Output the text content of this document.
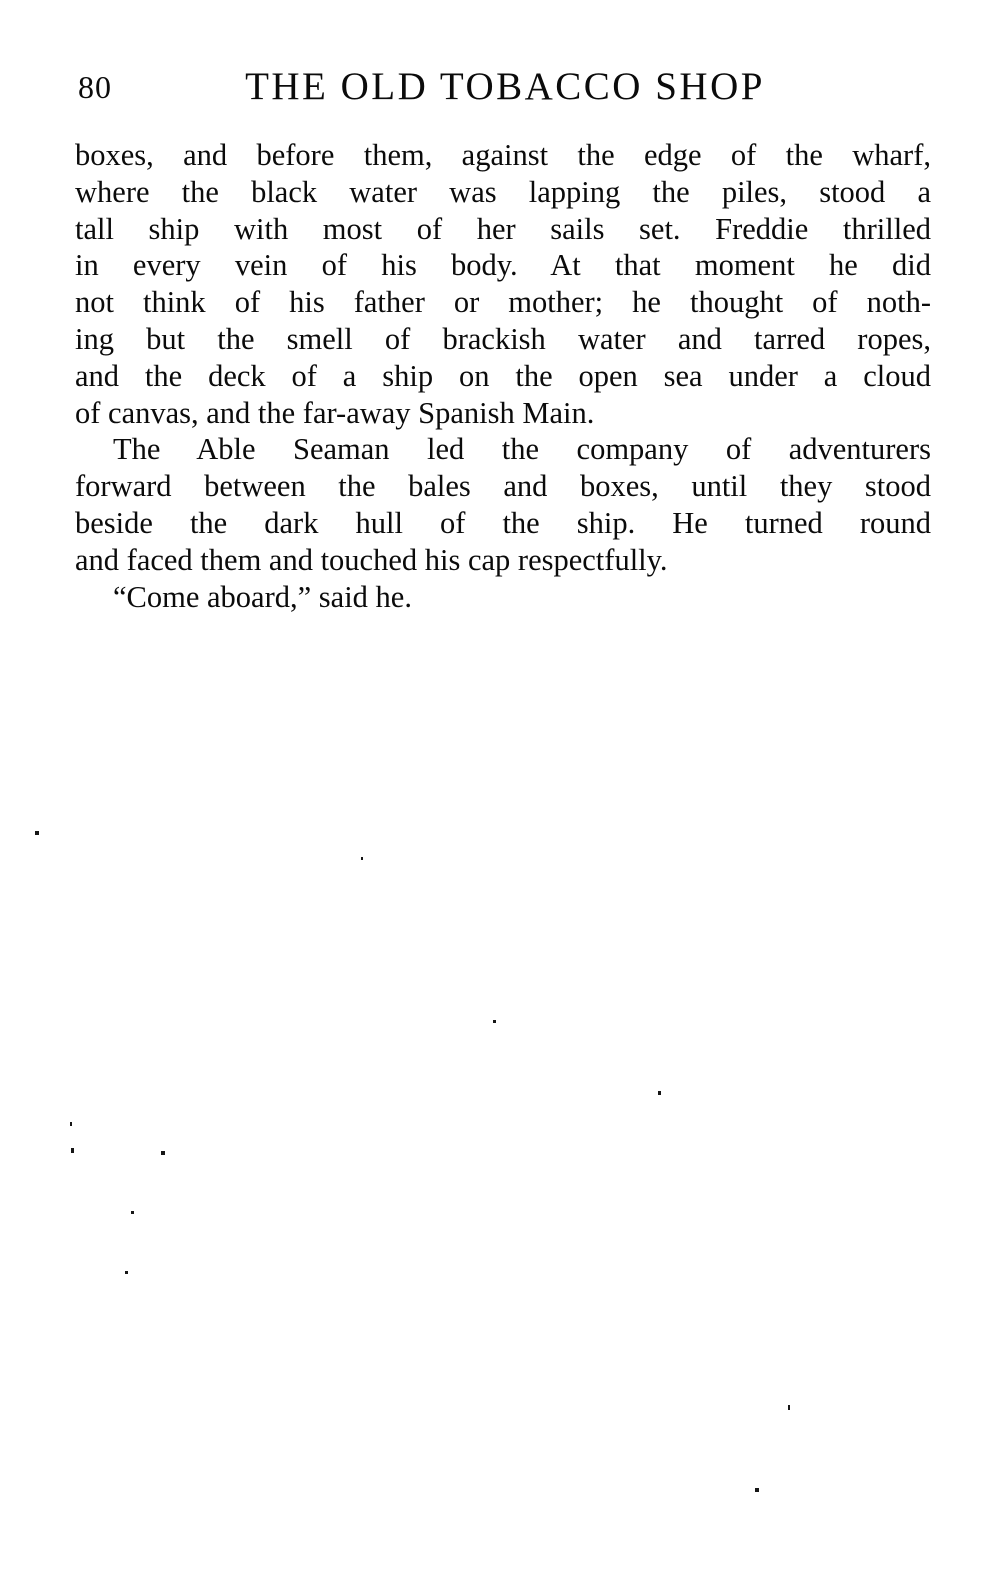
80	THE OLD TOBACCO SHOP
boxes, and before them, against the edge of the wharf,
where the black water was lapping the piles, stood a
tall ship with most of her sails set. Freddie thrilled
in every vein of his body. At that moment he did
not think of his father or mother; he thought of noth-
ing but the smell of brackish water and tarred ropes,
and the deck of a ship on the open sea under a cloud
of canvas, and the far-away Spanish Main.
The Able Seaman led the company of adventurers
forward between the bales and boxes, until they stood
beside the dark hull of the ship. He turned round
and faced them and touched his cap respectfully.
“Come aboard,” said he.
